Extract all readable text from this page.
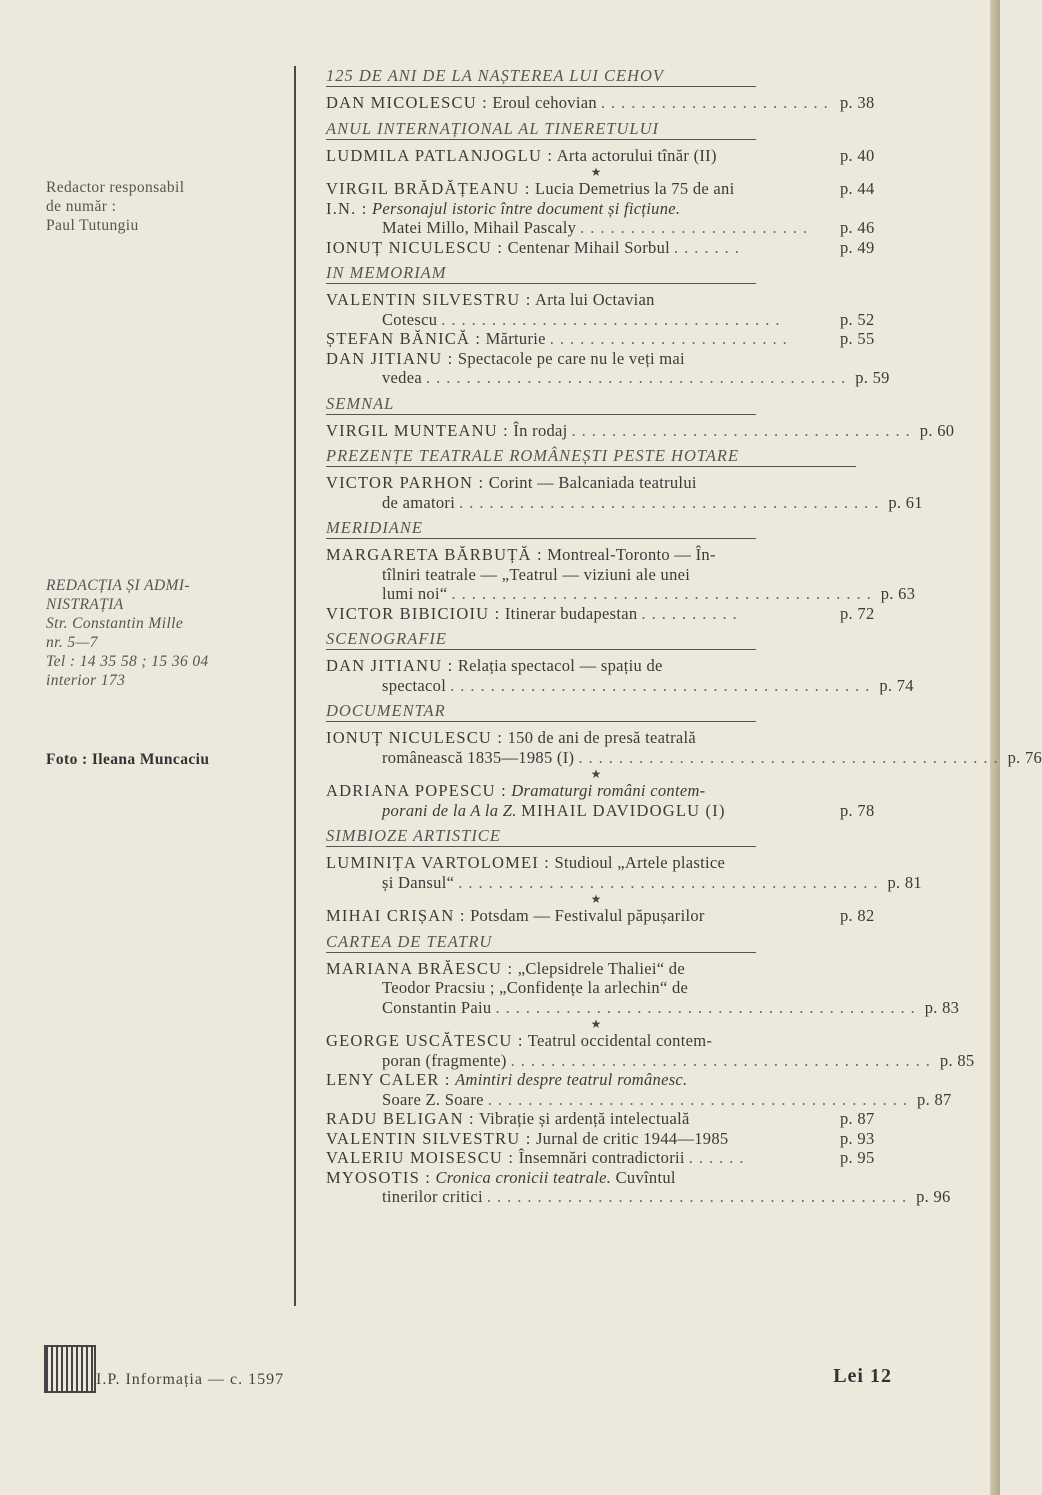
Redactor responsabil
de număr :
Paul Tutungiu
REDACȚIA ȘI ADMI-
NISTRAȚIA
Str. Constantin Mille
nr. 5—7
Tel : 14 35 58 ; 15 36 04
interior 173
Foto : Ileana Muncaciu
125 DE ANI DE LA NAȘTEREA LUI CEHOV
DAN MICOLESCU : Eroul cehovian ....................... p. 38
ANUL INTERNAȚIONAL AL TINERETULUI
LUDMILA PATLANJOGLU : Arta actorului tînăr (II)	p. 40
★
VIRGIL BRĂDĂȚEANU : Lucia Demetrius la 75 de ani	p. 44
I.N. : Personajul istoric între document și ficțiune.
Matei Millo, Mihail Pascaly .......................	p. 46
IONUȚ NICULESCU : Centenar Mihail Sorbul .......	p. 49
IN MEMORIAM
VALENTIN SILVESTRU : Arta lui Octavian
Cotescu ..................................	p. 52
ȘTEFAN BĂNICĂ : Mărturie ........................	p. 55
DAN JITIANU : Spectacole pe care nu le veți mai
vedea .......................................... p. 59
SEMNAL
VIRGIL MUNTEANU : În rodaj .................................. p. 60
PREZENȚE TEATRALE ROMÂNEȘTI PESTE HOTARE
VICTOR PARHON : Corint — Balcaniada teatrului
de amatori .......................................... p. 61
MERIDIANE
MARGARETA BĂRBUȚĂ : Montreal-Toronto — În-
tîlniri teatrale — „Teatrul — viziuni ale unei
lumi noi“ .......................................... p. 63
VICTOR BIBICIOIU : Itinerar budapestan ..........	p. 72
SCENOGRAFIE
DAN JITIANU : Relația spectacol — spațiu de
spectacol .......................................... p. 74
DOCUMENTAR
IONUȚ NICULESCU : 150 de ani de presă teatrală
românească 1835—1985 (I) .......................................... p. 76
★
ADRIANA POPESCU : Dramaturgi români contem-
porani de la A la Z. MIHAIL DAVIDOGLU (I)	p. 78
SIMBIOZE ARTISTICE
LUMINIȚA VARTOLOMEI : Studioul „Artele plastice
și Dansul“ .......................................... p. 81
★
MIHAI CRIȘAN : Potsdam — Festivalul păpușarilor	p. 82
CARTEA DE TEATRU
MARIANA BRĂESCU : „Clepsidrele Thaliei“ de
Teodor Pracsiu ; „Confidențe la arlechin“ de
Constantin Paiu .......................................... p. 83
★
GEORGE USCĂTESCU : Teatrul occidental contem-
poran (fragmente) .......................................... p. 85
LENY CALER : Amintiri despre teatrul românesc.
Soare Z. Soare .......................................... p. 87
RADU BELIGAN : Vibrație și ardență intelectuală	p. 87
VALENTIN SILVESTRU : Jurnal de critic 1944—1985	p. 93
VALERIU MOISESCU : Însemnări contradictorii ......	p. 95
MYOSOTIS : Cronica cronicii teatrale. Cuvîntul
tinerilor critici .......................................... p. 96
I.P. Informația — c. 1597	Lei 12
